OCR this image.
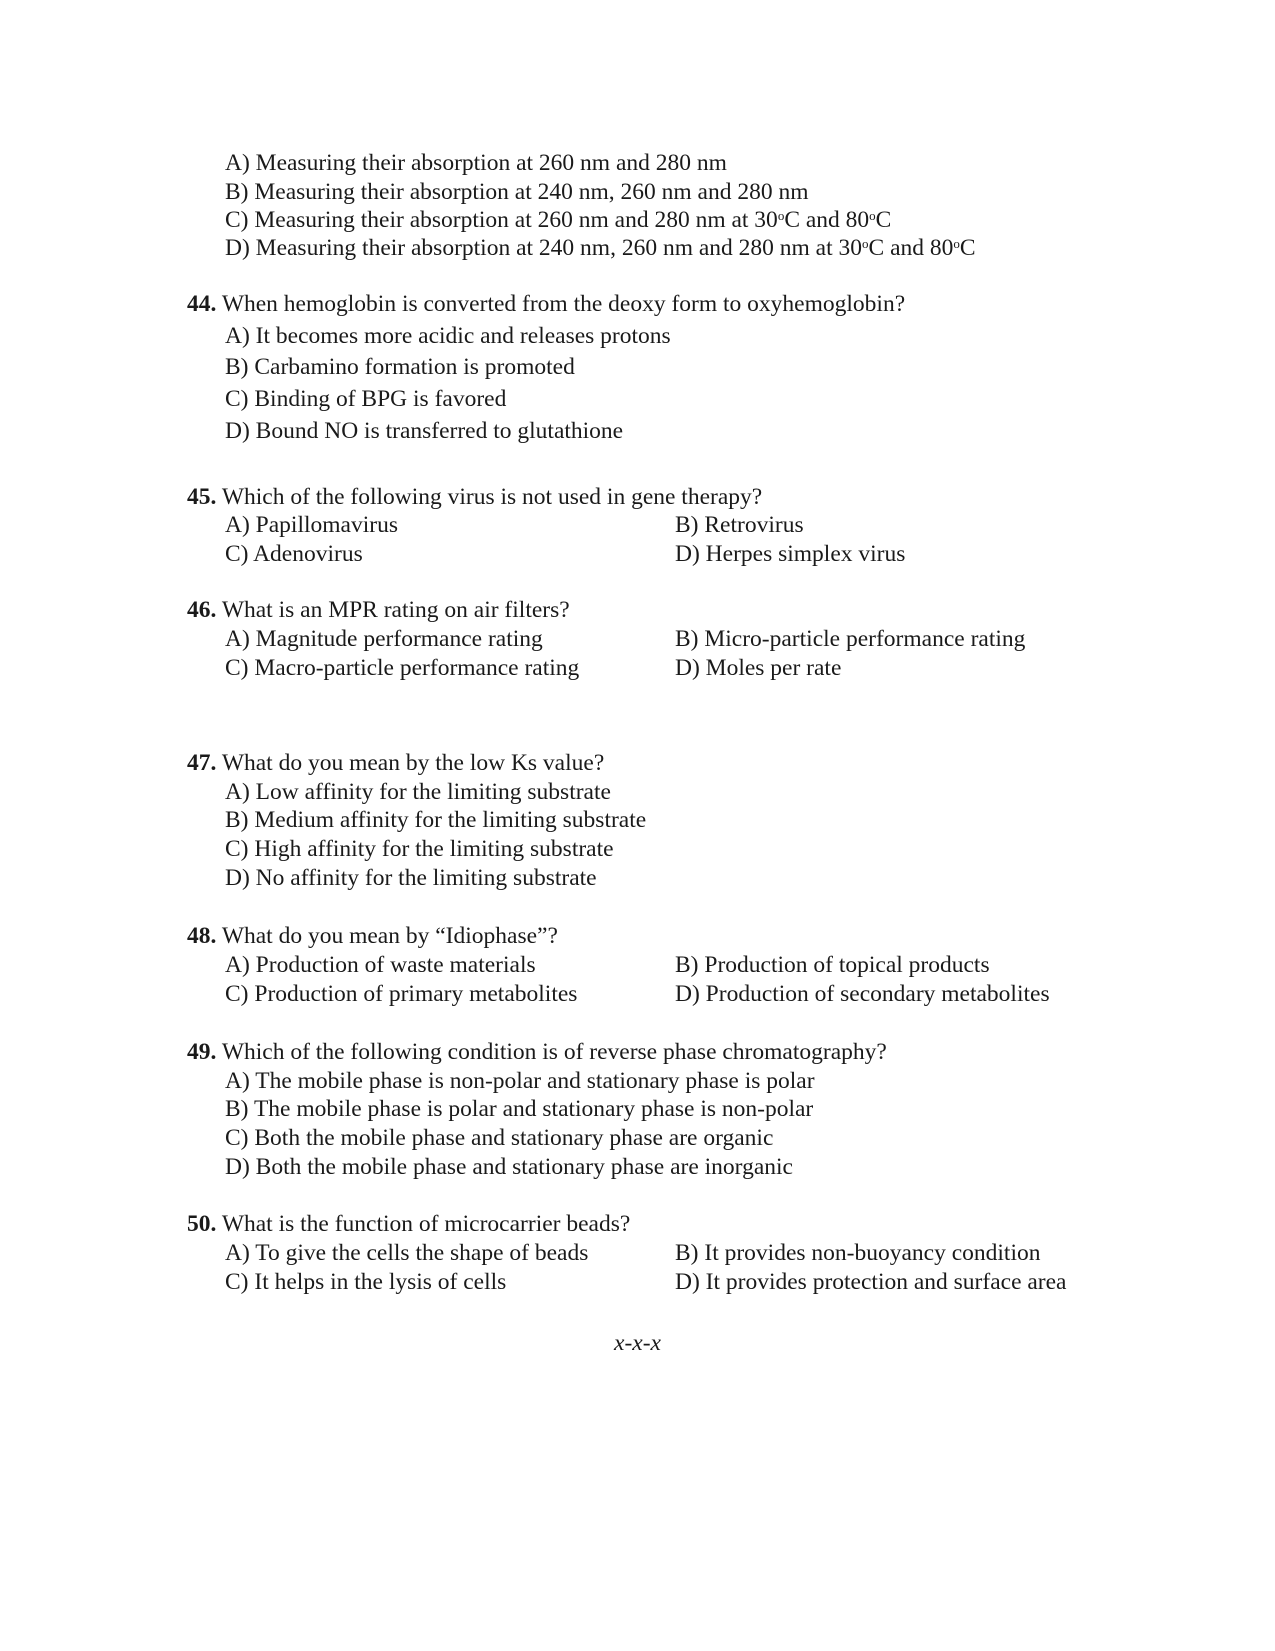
A) Measuring their absorption at 260 nm and 280 nm
B) Measuring their absorption at 240 nm, 260 nm and 280 nm
C) Measuring their absorption at 260 nm and 280 nm at 30$^o$C and 80$^o$C
D) Measuring their absorption at 240 nm, 260 nm and 280 nm at 30$^o$C and 80$^o$C
44. When hemoglobin is converted from the deoxy form to oxyhemoglobin?
A) It becomes more acidic and releases protons
B) Carbamino formation is promoted
C) Binding of BPG is favored
D) Bound NO is transferred to glutathione
45. Which of the following virus is not used in gene therapy?
A) Papillomavirus	B) Retrovirus
C) Adenovirus	D) Herpes simplex virus
46. What is an MPR rating on air filters?
A) Magnitude performance rating	B) Micro-particle performance rating
C) Macro-particle performance rating	D) Moles per rate
47. What do you mean by the low Ks value?
A) Low affinity for the limiting substrate
B) Medium affinity for the limiting substrate
C) High affinity for the limiting substrate
D) No affinity for the limiting substrate
48. What do you mean by “Idiophase”?
A) Production of waste materials	B) Production of topical products
C) Production of primary metabolites	D) Production of secondary metabolites
49. Which of the following condition is of reverse phase chromatography?
A) The mobile phase is non-polar and stationary phase is polar
B) The mobile phase is polar and stationary phase is non-polar
C) Both the mobile phase and stationary phase are organic
D) Both the mobile phase and stationary phase are inorganic
50. What is the function of microcarrier beads?
A) To give the cells the shape of beads	B) It provides non-buoyancy condition
C) It helps in the lysis of cells	D) It provides protection and surface area
x-x-x
